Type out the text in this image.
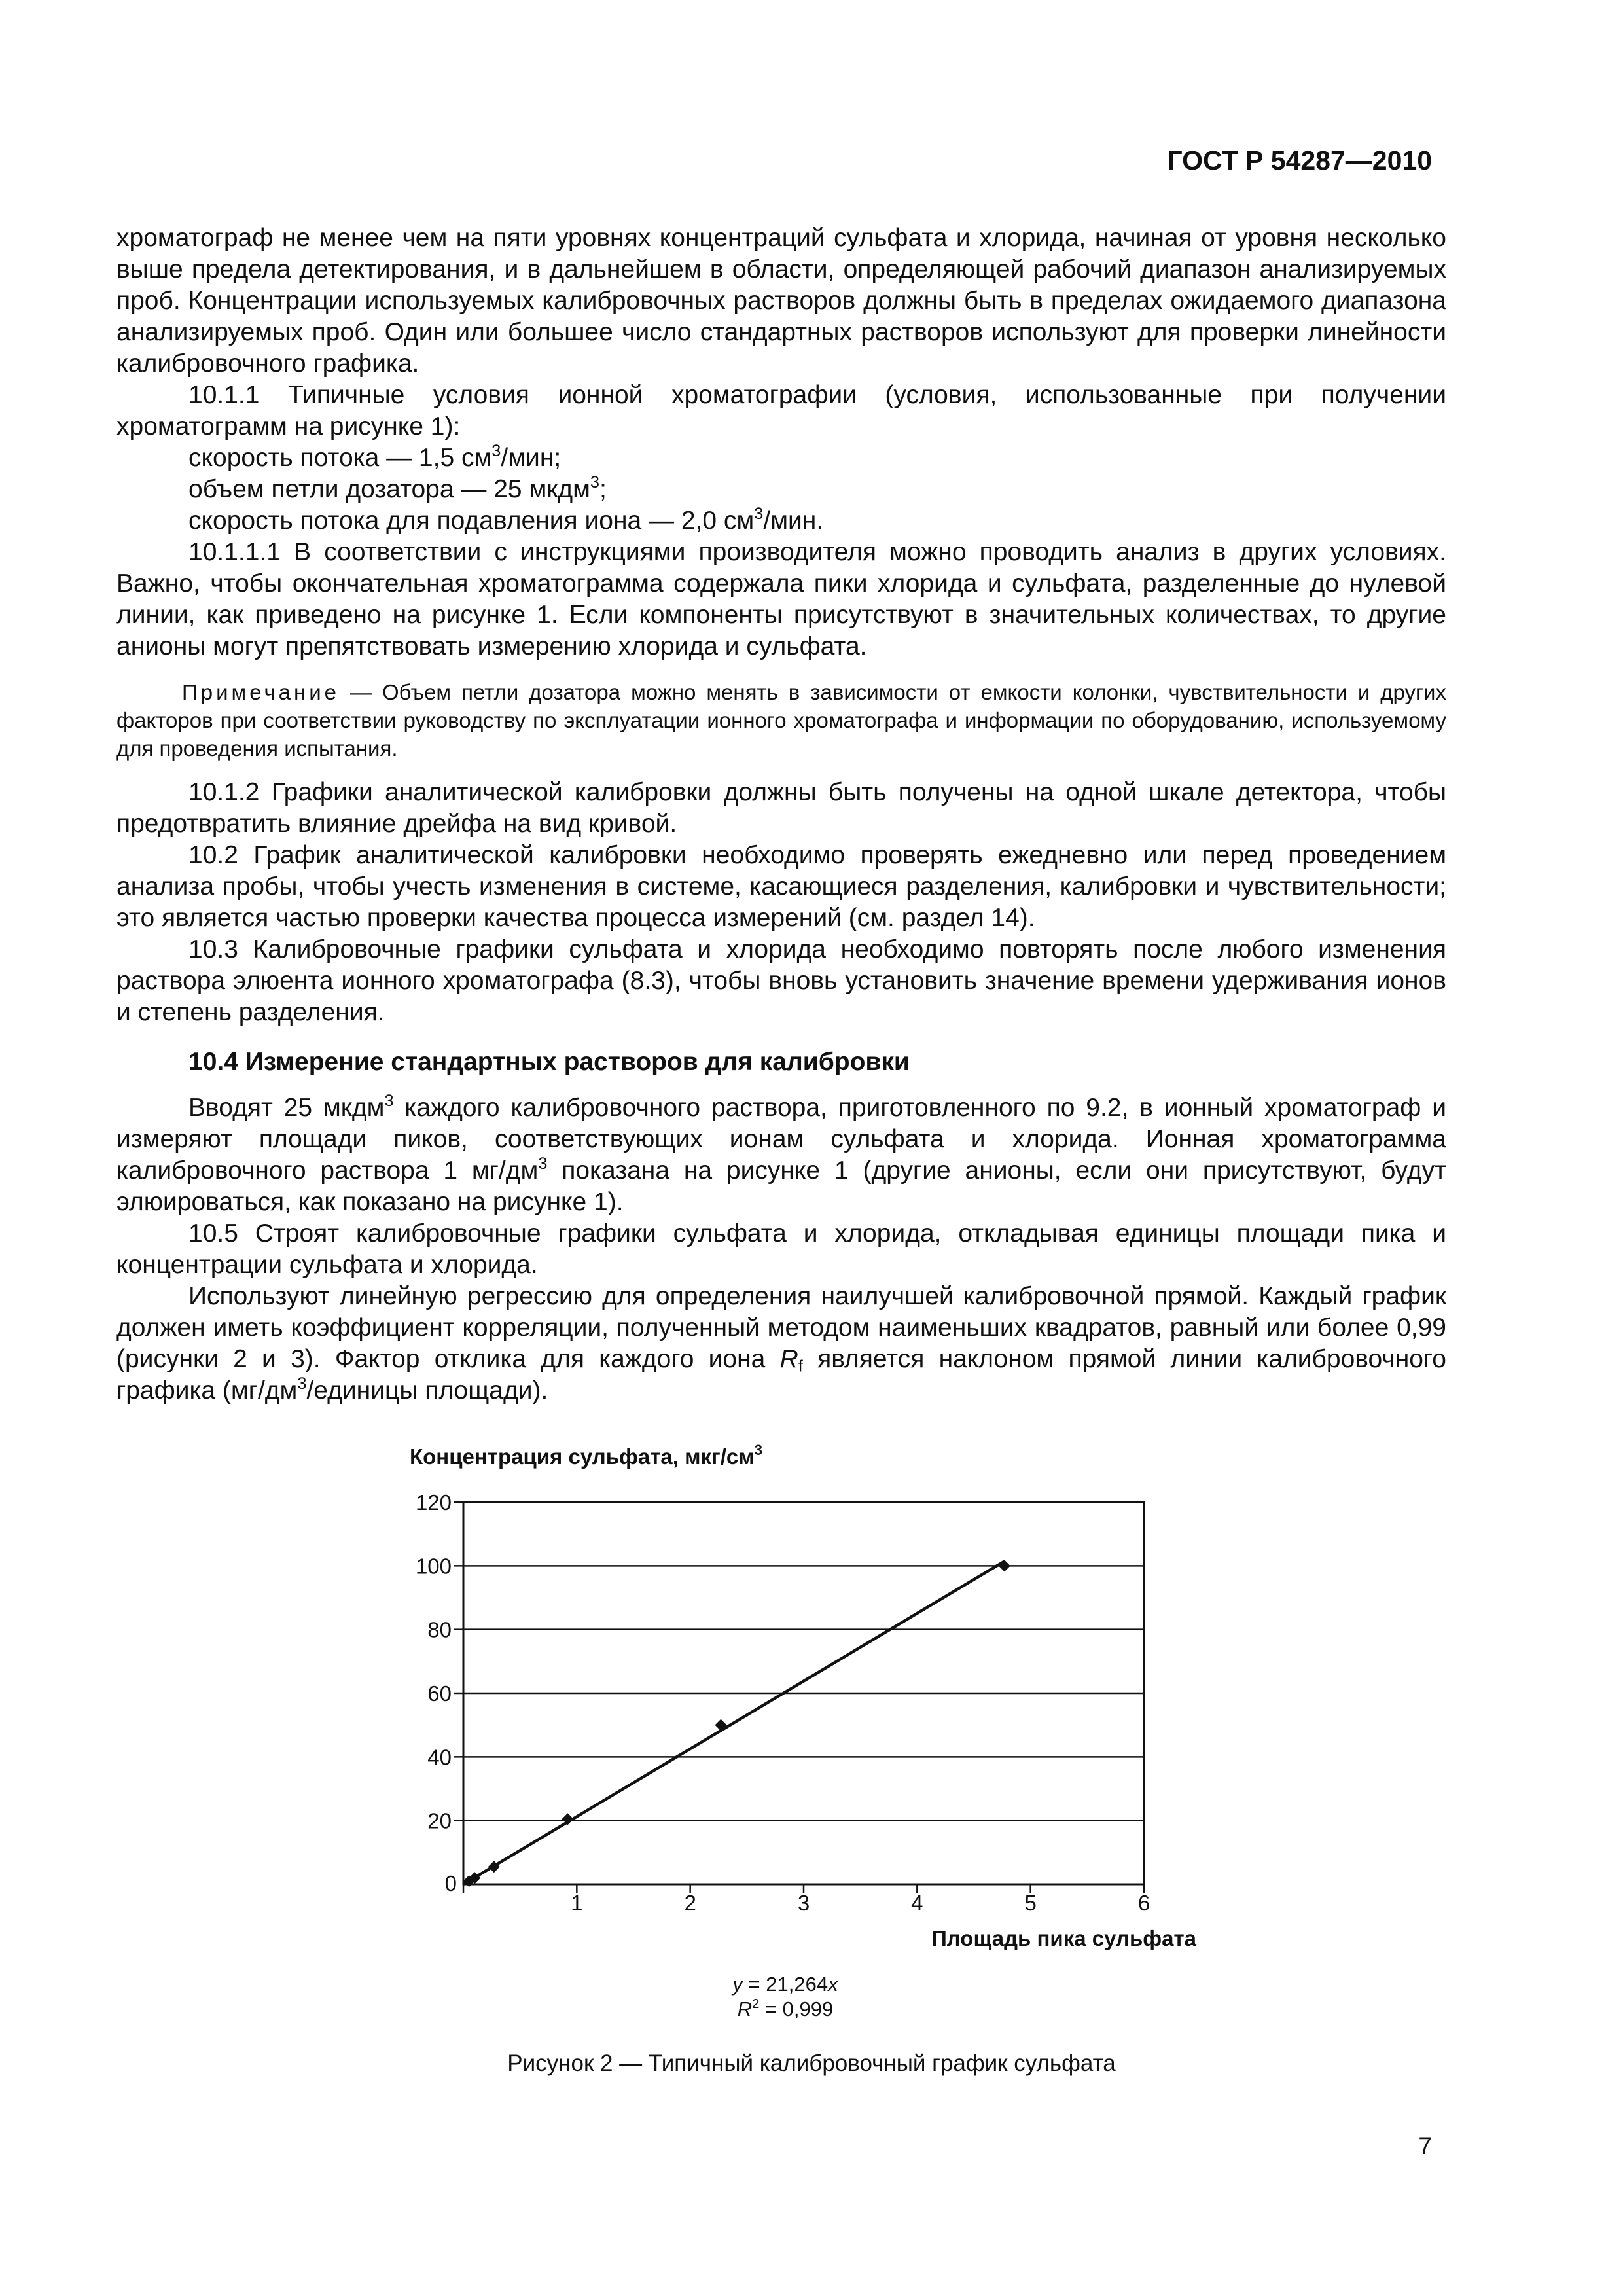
ГОСТ Р 54287—2010

хроматограф не менее чем на пяти уровнях концентраций сульфата и хлорида, начиная от уровня несколько выше предела детектирования, и в дальнейшем в области, определяющей рабочий диапазон анализируемых проб. Концентрации используемых калибровочных растворов должны быть в пределах ожидаемого диапазона анализируемых проб. Один или большее число стандартных растворов используют для проверки линейности калибровочного графика.

10.1.1 Типичные условия ионной хроматографии (условия, использованные при получении хроматограмм на рисунке 1):

скорость потока — 1,5 $см^3$/мин;

объем петли дозатора — 25 мкдм$^3$;

скорость потока для подавления иона — 2,0 $см^3$/мин.

10.1.1.1 В соответствии с инструкциями производителя можно проводить анализ в других условиях. Важно, чтобы окончательная хроматограмма содержала пики хлорида и сульфата, разделенные до нулевой линии, как приведено на рисунке 1. Если компоненты присутствуют в значительных количествах, то другие анионы могут препятствовать измерению хлорида и сульфата.

Примечание — Объем петли дозатора можно менять в зависимости от емкости колонки, чувствительности и других факторов при соответствии руководству по эксплуатации ионного хроматографа и информации по оборудованию, используемому для проведения испытания.

10.1.2 Графики аналитической калибровки должны быть получены на одной шкале детектора, чтобы предотвратить влияние дрейфа на вид кривой.

10.2 График аналитической калибровки необходимо проверять ежедневно или перед проведением анализа пробы, чтобы учесть изменения в системе, касающиеся разделения, калибровки и чувствительности; это является частью проверки качества процесса измерений (см. раздел 14).

10.3 Калибровочные графики сульфата и хлорида необходимо повторять после любого изменения раствора элюента ионного хроматографа (8.3), чтобы вновь установить значение времени удерживания ионов и степень разделения.

10.4 Измерение стандартных растворов для калибровки

Вводят 25 мкдм$^3$ каждого калибровочного раствора, приготовленного по 9.2, в ионный хроматограф и измеряют площади пиков, соответствующих ионам сульфата и хлорида. Ионная хроматограмма калибровочного раствора 1 $мг/дм^3$ показана на рисунке 1 (другие анионы, если они присутствуют, будут элюироваться, как показано на рисунке 1).

10.5 Строят калибровочные графики сульфата и хлорида, откладывая единицы площади пика и концентрации сульфата и хлорида.

Используют линейную регрессию для определения наилучшей калибровочной прямой. Каждый график должен иметь коэффициент корреляции, полученный методом наименьших квадратов, равный или более 0,99 (рисунки 2 и 3). Фактор отклика для каждого иона $R_f$ является наклоном прямой линии калибровочного графика ($мг/дм^3$/единицы площади).

Концентрация сульфата, мкг/$см^3$
Площадь пика сульфата
20
40
60
80
100
120
0
1	2	3	4	5	6
y = 21,264x
$R^2 = 0,999$
Рисунок 2 — Типичный калибровочный график сульфата
7
